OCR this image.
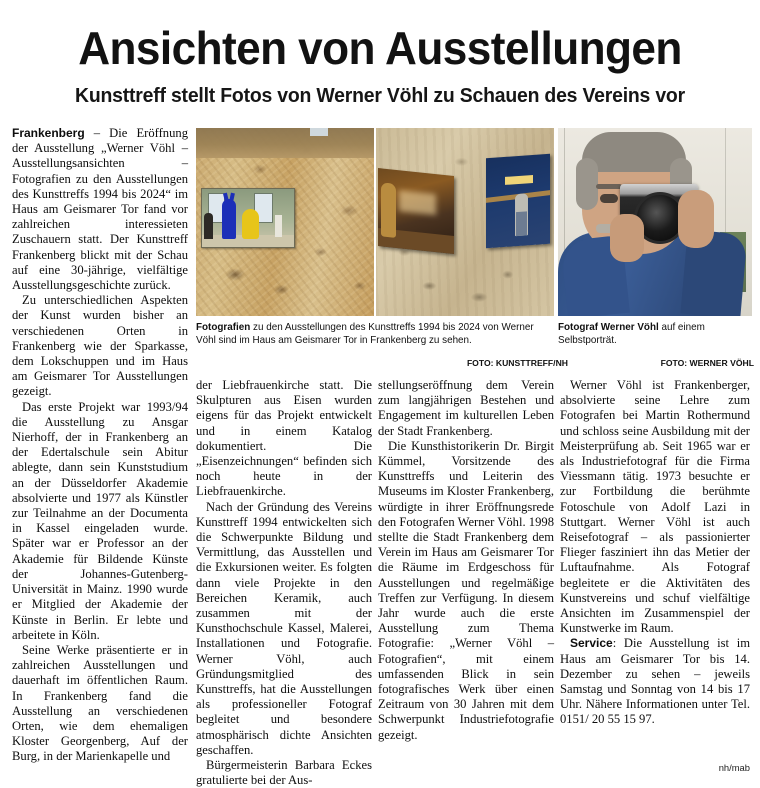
Ansichten von Ausstellungen
Kunsttreff stellt Fotos von Werner Vöhl zu Schauen des Vereins vor
Fotografien zu den Ausstellungen des Kunsttreffs 1994 bis 2024 von Werner Vöhl sind im Haus am Geismarer Tor in Frankenberg zu sehen.
FOTO: KUNSTTREFF/NH
Fotograf Werner Vöhl auf einem Selbstporträt.
FOTO: WERNER VÖHL

Frankenberg – Die Eröffnung der Ausstellung „Werner Vöhl – Ausstellungsansichten – Fotografien zu den Ausstellungen des Kunsttreffs 1994 bis 2024“ im Haus am Geismarer Tor fand vor zahlreichen interessieten Zuschauern statt. Der Kunsttreff Frankenberg blickt mit der Schau auf eine 30-jährige, vielfältige Ausstellungsgeschichte zurück.

Zu unterschiedlichen Aspekten der Kunst wurden bisher an verschiedenen Orten in Frankenberg wie der Sparkasse, dem Lokschuppen und im Haus am Geismarer Tor Ausstellungen gezeigt.

Das erste Projekt war 1993/94 die Ausstellung zu Ansgar Nierhoff, der in Frankenberg an der Edertalschule sein Abitur ablegte, dann sein Kunststudium an der Düsseldorfer Akademie absolvierte und 1977 als Künstler zur Teilnahme an der Documenta in Kassel eingeladen wurde. Später war er Professor an der Akademie für Bildende Künste der Johannes-Gutenberg-Universität in Mainz. 1990 wurde er Mitglied der Akademie der Künste in Berlin. Er lebte und arbeitete in Köln.

Seine Werke präsentierte er in zahlreichen Ausstellungen und dauerhaft im öffentlichen Raum. In Frankenberg fand die Ausstellung an verschiedenen Orten, wie dem ehemaligen Kloster Georgenberg, Auf der Burg, in der Marienkapelle und

der Liebfrauenkirche statt. Die Skulpturen aus Eisen wurden eigens für das Projekt entwickelt und in einem Katalog dokumentiert. Die „Eisenzeichnungen“ befinden sich noch heute in der Liebfrauenkirche.

Nach der Gründung des Vereins Kunsttreff 1994 entwickelten sich die Schwerpunkte Bildung und Vermittlung, das Ausstellen und die Exkursionen weiter. Es folgten dann viele Projekte in den Bereichen Keramik, auch zusammen mit der Kunsthochschule Kassel, Malerei, Installationen und Fotografie. Werner Vöhl, auch Gründungsmitglied des Kunsttreffs, hat die Ausstellungen als professioneller Fotograf begleitet und besondere atmosphärisch dichte Ansichten geschaffen.

Bürgermeisterin Barbara Eckes gratulierte bei der Aus-

stellungseröffnung dem Verein zum langjährigen Bestehen und Engagement im kulturellen Leben der Stadt Frankenberg.

Die Kunsthistorikerin Dr. Birgit Kümmel, Vorsitzende des Kunsttreffs und Leiterin des Museums im Kloster Frankenberg, würdigte in ihrer Eröffnungsrede den Fotografen Werner Vöhl. 1998 stellte die Stadt Frankenberg dem Verein im Haus am Geismarer Tor die Räume im Erdgeschoss für Ausstellungen und regelmäßige Treffen zur Verfügung. In diesem Jahr wurde auch die erste Ausstellung zum Thema Fotografie: „Werner Vöhl – Fotografien“, mit einem umfassenden Blick in sein fotografisches Werk über einen Zeitraum von 30 Jahren mit dem Schwerpunkt Industriefotografie gezeigt.

Werner Vöhl ist Frankenberger, absolvierte seine Lehre zum Fotografen bei Martin Rothermund und schloss seine Ausbildung mit der Meisterprüfung ab. Seit 1965 war er als Industriefotograf für die Firma Viessmann tätig. 1973 besuchte er zur Fortbildung die berühmte Fotoschule von Adolf Lazi in Stuttgart. Werner Vöhl ist auch Reisefotograf – als passionierter Flieger fasziniert ihn das Metier der Luftaufnahme. Als Fotograf begleitete er die Aktivitäten des Kunstvereins und schuf vielfältige Ansichten im Zusammenspiel der Kunstwerke im Raum.

Service: Die Ausstellung ist im Haus am Geismarer Tor bis 14. Dezember zu sehen – jeweils Samstag und Sonntag von 14 bis 17 Uhr. Nähere Informationen unter Tel. 0151/ 20 55 15 97.

nh/mab
